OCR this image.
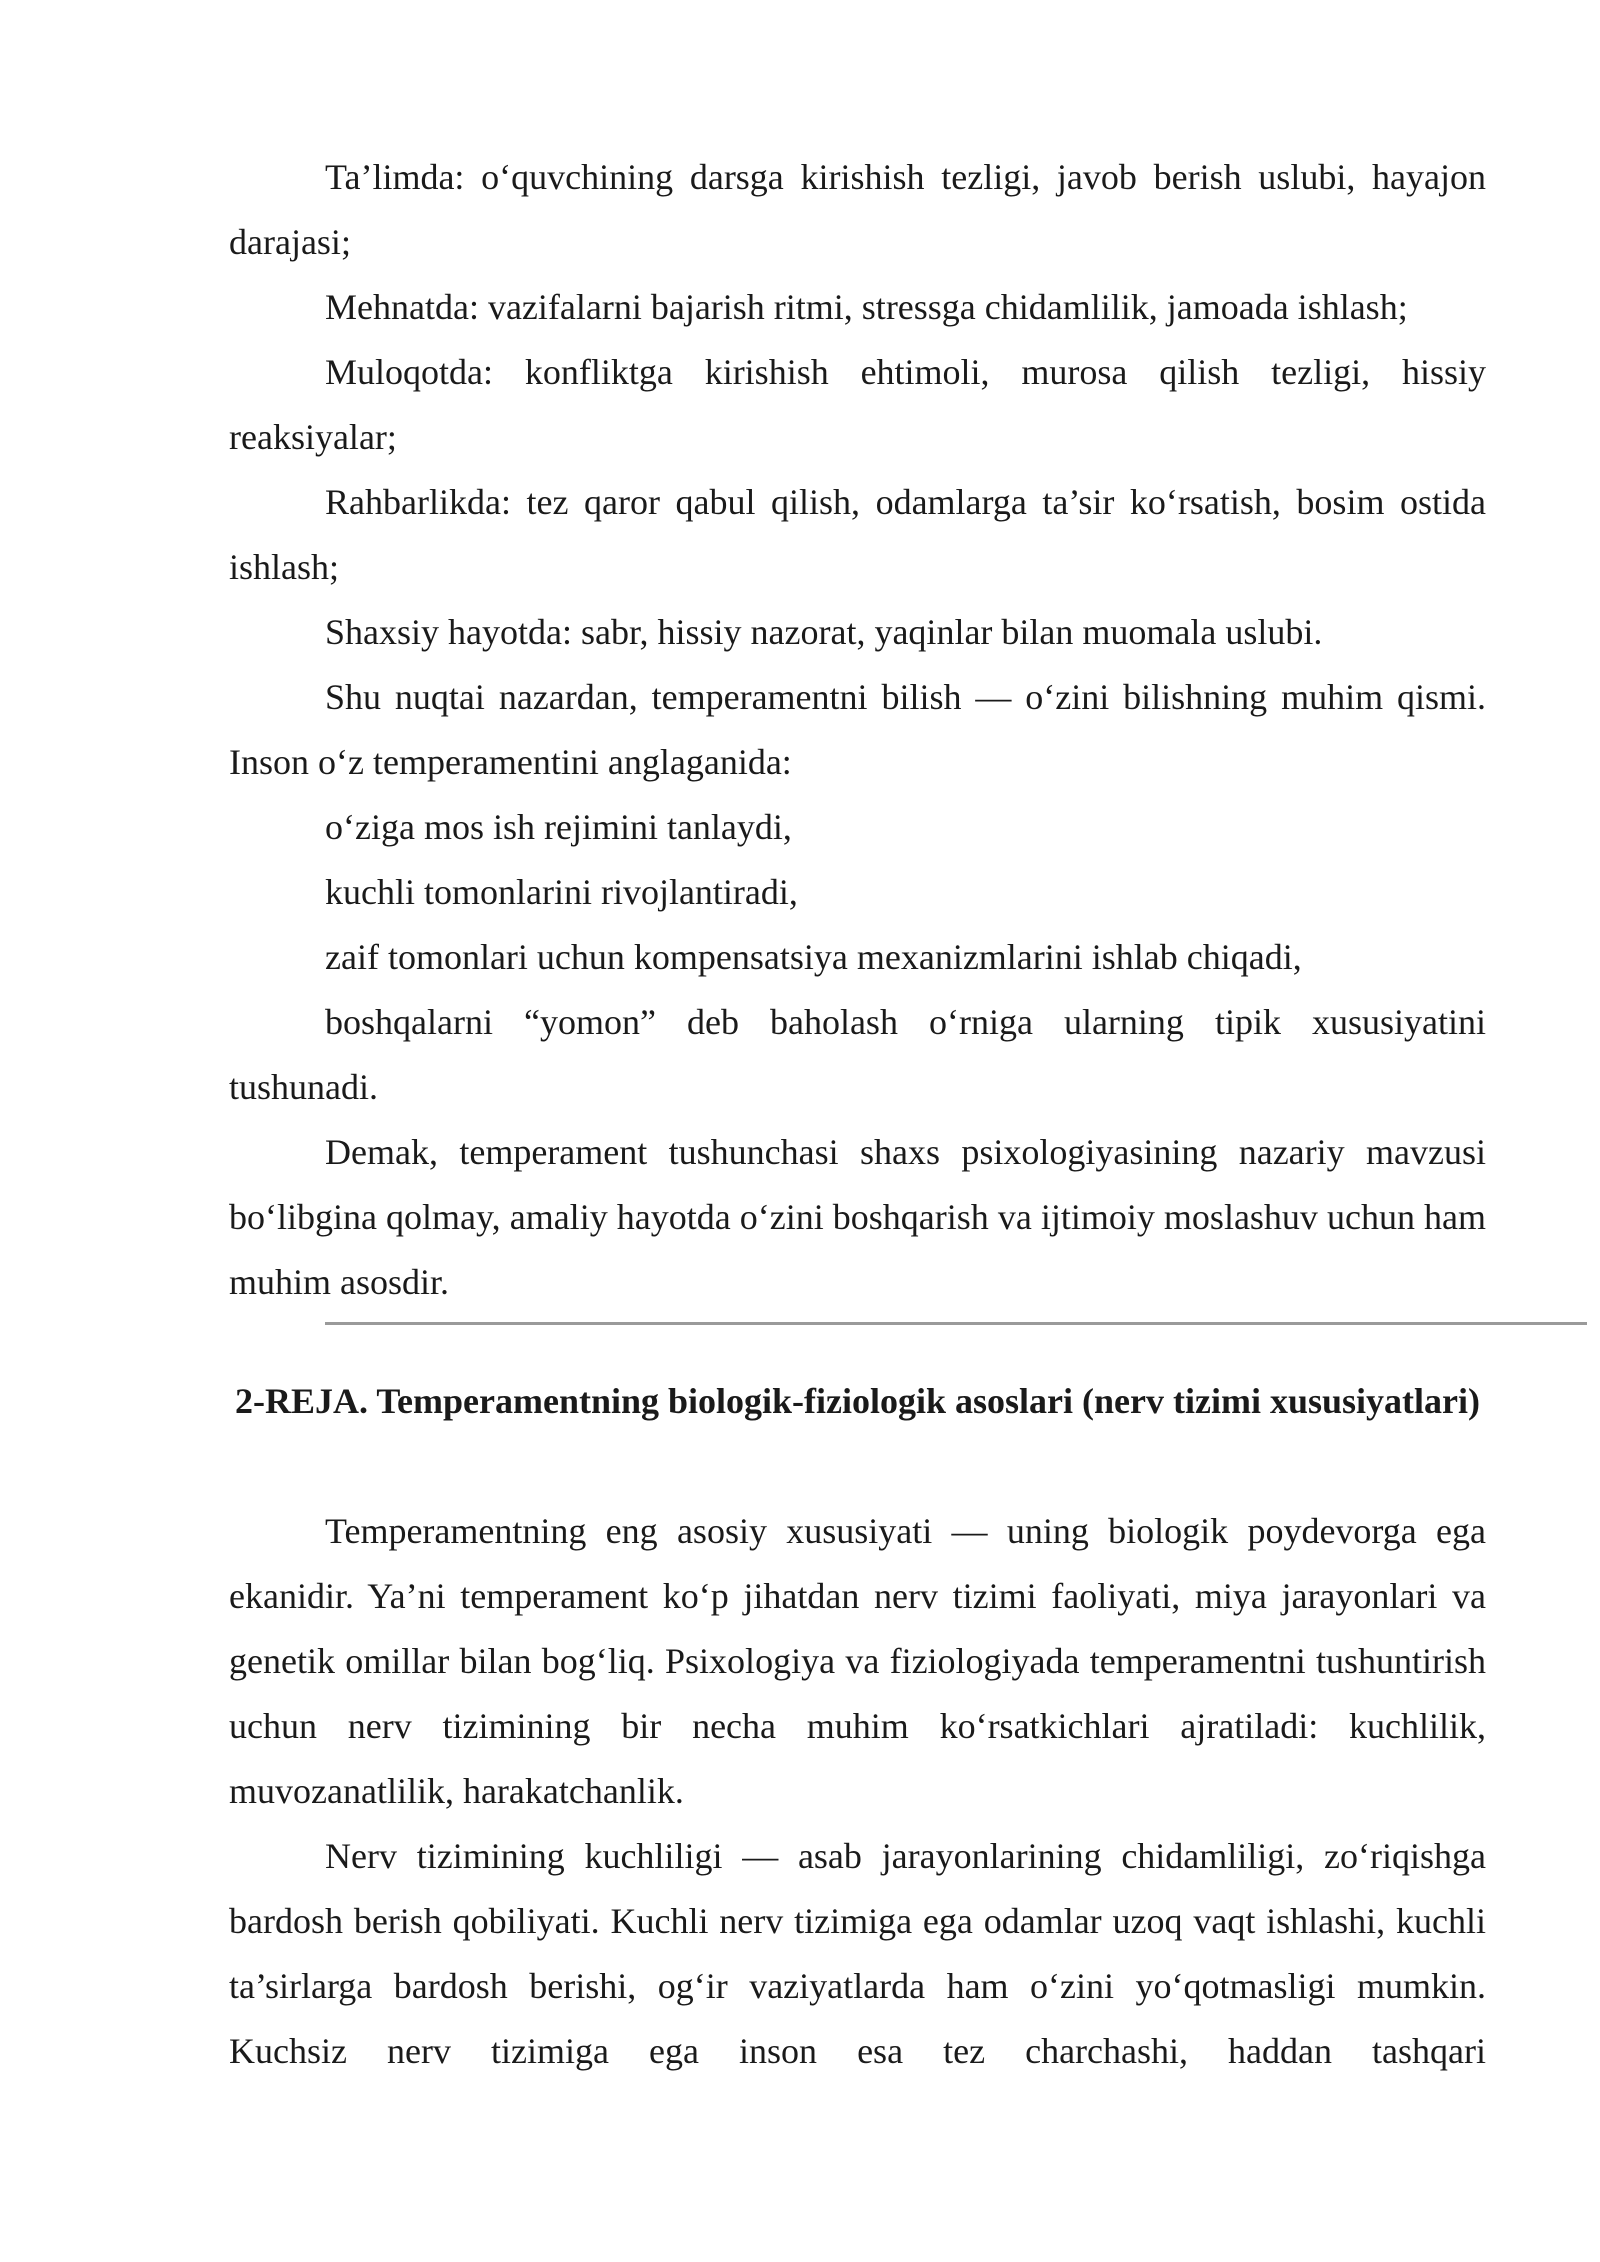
Ta’limda: o‘quvchining darsga kirishish tezligi, javob berish uslubi, hayajon darajasi;

Mehnatda: vazifalarni bajarish ritmi, stressga chidamlilik, jamoada ishlash;

Muloqotda: konfliktga kirishish ehtimoli, murosa qilish tezligi, hissiy reaksiyalar;

Rahbarlikda: tez qaror qabul qilish, odamlarga ta’sir ko‘rsatish, bosim ostida ishlash;

Shaxsiy hayotda: sabr, hissiy nazorat, yaqinlar bilan muomala uslubi.

Shu nuqtai nazardan, temperamentni bilish — o‘zini bilishning muhim qismi. Inson o‘z temperamentini anglaganida:

o‘ziga mos ish rejimini tanlaydi,

kuchli tomonlarini rivojlantiradi,

zaif tomonlari uchun kompensatsiya mexanizmlarini ishlab chiqadi,

boshqalarni “yomon” deb baholash o‘rniga ularning tipik xususiyatini tushunadi.

Demak, temperament tushunchasi shaxs psixologiyasining nazariy mavzusi bo‘libgina qolmay, amaliy hayotda o‘zini boshqarish va ijtimoiy moslashuv uchun ham muhim asosdir.

2-REJA. Temperamentning biologik-fiziologik asoslari (nerv tizimi xususiyatlari)

Temperamentning eng asosiy xususiyati — uning biologik poydevorga ega ekanidir. Ya’ni temperament ko‘p jihatdan nerv tizimi faoliyati, miya jarayonlari va genetik omillar bilan bog‘liq. Psixologiya va fiziologiyada temperamentni tushuntirish uchun nerv tizimining bir necha muhim ko‘rsatkichlari ajratiladi: kuchlilik, muvozanatlilik, harakatchanlik.

Nerv tizimining kuchliligi — asab jarayonlarining chidamliligi, zo‘riqishga bardosh berish qobiliyati. Kuchli nerv tizimiga ega odamlar uzoq vaqt ishlashi, kuchli ta’sirlarga bardosh berishi, og‘ir vaziyatlarda ham o‘zini yo‘qotmasligi mumkin. Kuchsiz nerv tizimiga ega inson esa tez charchashi, haddan tashqari
